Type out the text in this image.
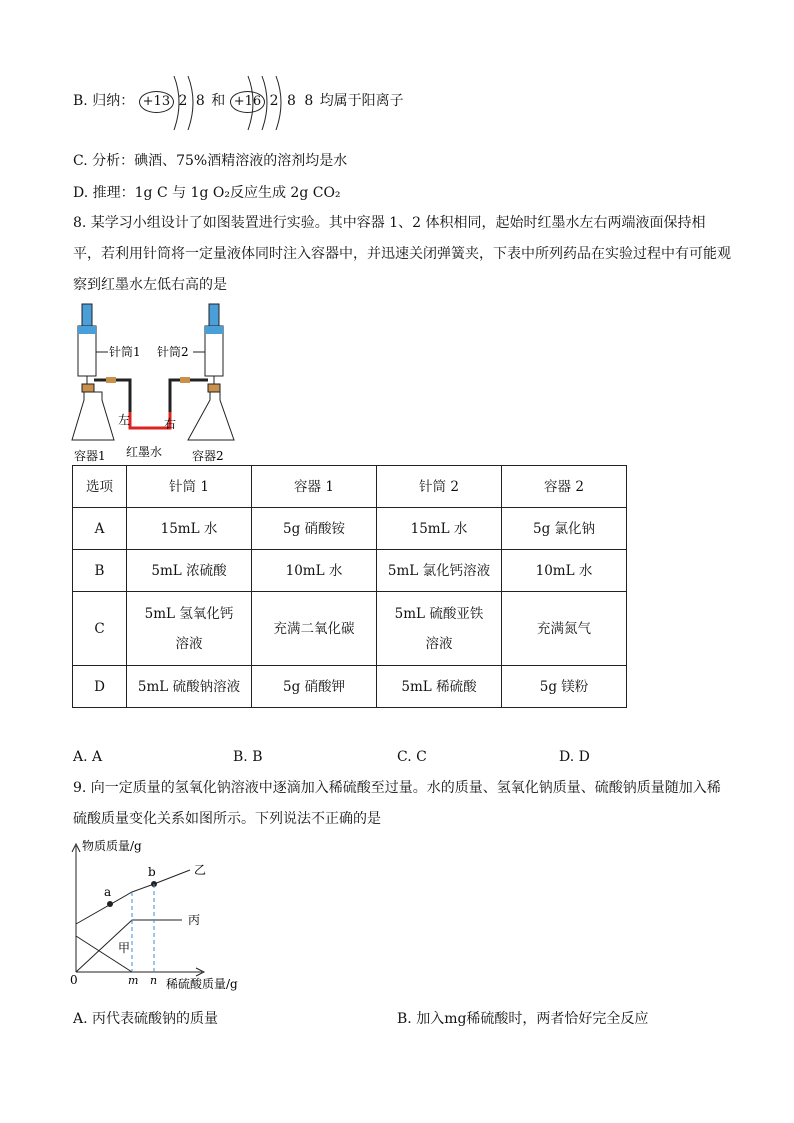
B. 归纳： +13 2 8 和 +16 2 8 8 均属于阳离子
C. 分析：碘酒、75%酒精溶液的溶剂均是水
D. 推理：1g C 与 1g O₂反应生成 2g CO₂
8. 某学习小组设计了如图装置进行实验。其中容器 1、2 体积相同，起始时红墨水左右两端液面保持相平，若利用针筒将一定量液体同时注入容器中，并迅速关闭弹簧夹，下表中所列药品在实验过程中有可能观察到红墨水左低右高的是
针筒1 针筒2
左	右
红墨水
容器1	容器2
选项	针筒 1	容器 1	针筒 2	容器 2
A	15mL 水	5g 硝酸铵	15mL 水	5g 氯化钠
B	5mL 浓硫酸	10mL 水	5mL 氯化钙溶液	10mL 水
C	5mL 氢氧化钙溶液	充满二氧化碳	5mL 硫酸亚铁溶液	充满氮气
D	5mL 硫酸钠溶液	5g 硝酸钾	5mL 稀硫酸	5g 镁粉
A. A	B. B	C. C	D. D
9. 向一定质量的氢氧化钠溶液中逐滴加入稀硫酸至过量。水的质量、氢氧化钠质量、硫酸钠质量随加入稀硫酸质量变化关系如图所示。下列说法不正确的是
物质质量/g
a
b	乙
丙
甲
0	m n 稀硫酸质量/g
A. 丙代表硫酸钠的质量	B. 加入mg稀硫酸时，两者恰好完全反应
